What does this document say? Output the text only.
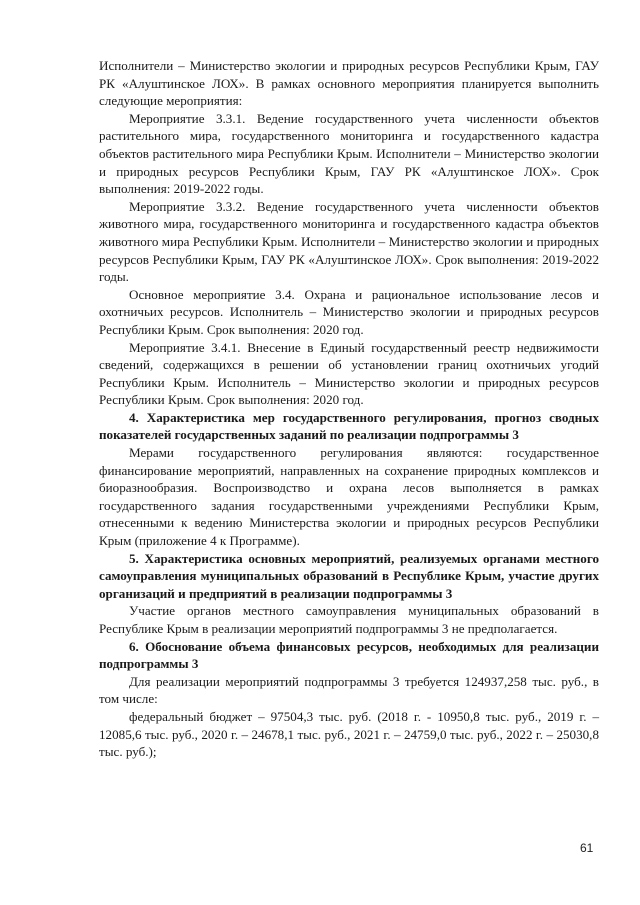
Исполнители – Министерство экологии и природных ресурсов Республики Крым, ГАУ РК «Алуштинское ЛОХ». В рамках основного мероприятия планируется выполнить следующие мероприятия:

Мероприятие 3.3.1. Ведение государственного учета численности объектов растительного мира, государственного мониторинга и государственного кадастра объектов растительного мира Республики Крым. Исполнители – Министерство экологии и природных ресурсов Республики Крым, ГАУ РК «Алуштинское ЛОХ». Срок выполнения: 2019-2022 годы.

Мероприятие 3.3.2. Ведение государственного учета численности объектов животного мира, государственного мониторинга и государственного кадастра объектов животного мира Республики Крым. Исполнители – Министерство экологии и природных ресурсов Республики Крым, ГАУ РК «Алуштинское ЛОХ». Срок выполнения: 2019-2022 годы.

Основное мероприятие 3.4. Охрана и рациональное использование лесов и охотничьих ресурсов. Исполнитель – Министерство экологии и природных ресурсов Республики Крым. Срок выполнения: 2020 год.

Мероприятие 3.4.1. Внесение в Единый государственный реестр недвижимости сведений, содержащихся в решении об установлении границ охотничьих угодий Республики Крым. Исполнитель – Министерство экологии и природных ресурсов Республики Крым. Срок выполнения: 2020 год.

4. Характеристика мер государственного регулирования, прогноз сводных показателей государственных заданий по реализации подпрограммы 3

Мерами государственного регулирования являются: государственное финансирование мероприятий, направленных на сохранение природных комплексов и биоразнообразия. Воспроизводство и охрана лесов выполняется в рамках государственного задания государственными учреждениями Республики Крым, отнесенными к ведению Министерства экологии и природных ресурсов Республики Крым (приложение 4 к Программе).

5. Характеристика основных мероприятий, реализуемых органами местного самоуправления муниципальных образований в Республике Крым, участие других организаций и предприятий в реализации подпрограммы 3

Участие органов местного самоуправления муниципальных образований в Республике Крым в реализации мероприятий подпрограммы 3 не предполагается.

6. Обоснование объема финансовых ресурсов, необходимых для реализации подпрограммы 3

Для реализации мероприятий подпрограммы 3 требуется 124937,258 тыс. руб., в том числе:

федеральный бюджет – 97504,3 тыс. руб. (2018 г. - 10950,8 тыс. руб., 2019 г. – 12085,6 тыс. руб., 2020 г. – 24678,1 тыс. руб., 2021 г. – 24759,0 тыс. руб., 2022 г. – 25030,8 тыс. руб.);

61
